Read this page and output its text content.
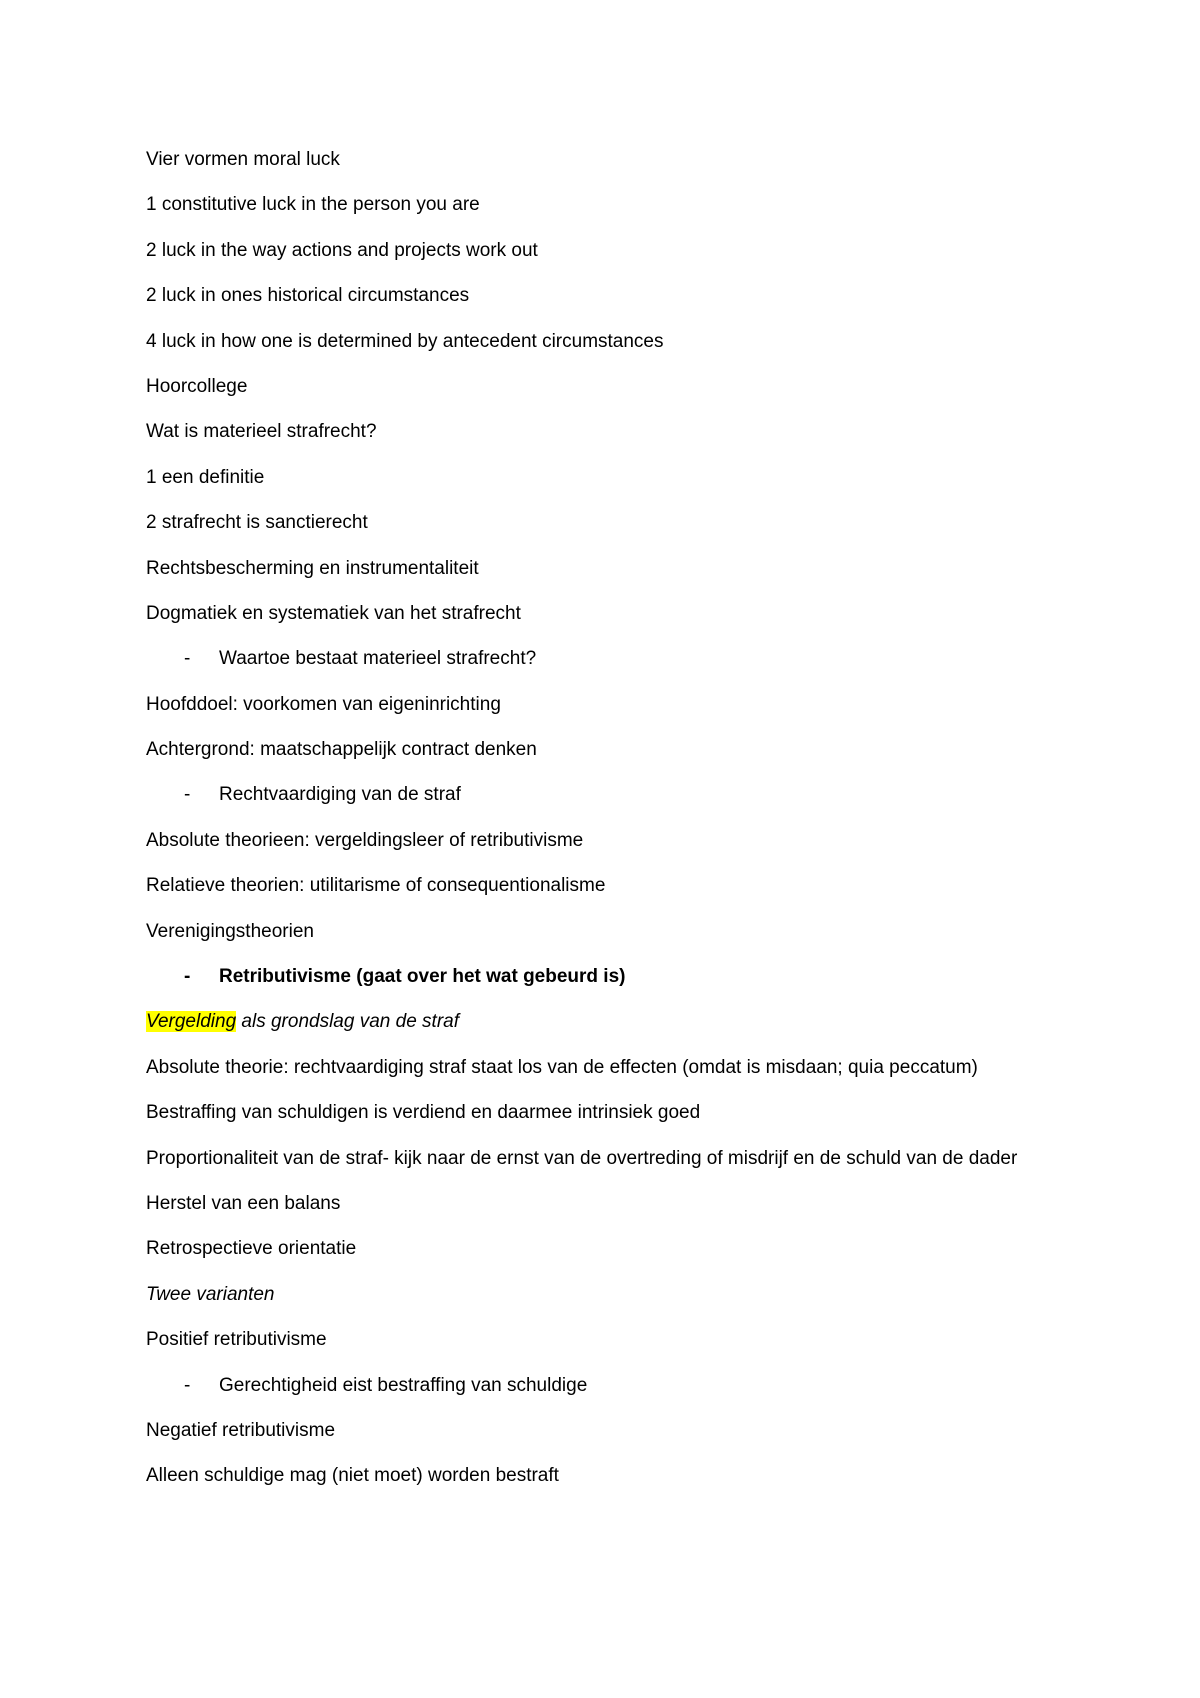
Vier vormen moral luck

1 constitutive luck in the person you are

2 luck in the way actions and projects work out

2 luck in ones historical circumstances

4 luck in how one is determined by antecedent circumstances

Hoorcollege

Wat is materieel strafrecht?

1 een definitie

2 strafrecht is sanctierecht

Rechtsbescherming en instrumentaliteit

Dogmatiek en systematiek van het strafrecht

- Waartoe bestaat materieel strafrecht?

Hoofddoel: voorkomen van eigeninrichting

Achtergrond: maatschappelijk contract denken

- Rechtvaardiging van de straf

Absolute theorieen: vergeldingsleer of retributivisme

Relatieve theorien: utilitarisme of consequentionalisme

Verenigingstheorien

- Retributivisme (gaat over het wat gebeurd is)

Vergelding als grondslag van de straf

Absolute theorie: rechtvaardiging straf staat los van de effecten (omdat is misdaan; quia peccatum)

Bestraffing van schuldigen is verdiend en daarmee intrinsiek goed

Proportionaliteit van de straf- kijk naar de ernst van de overtreding of misdrijf en de schuld van de dader

Herstel van een balans

Retrospectieve orientatie

Twee varianten

Positief retributivisme

- Gerechtigheid eist bestraffing van schuldige

Negatief retributivisme

Alleen schuldige mag (niet moet) worden bestraft
